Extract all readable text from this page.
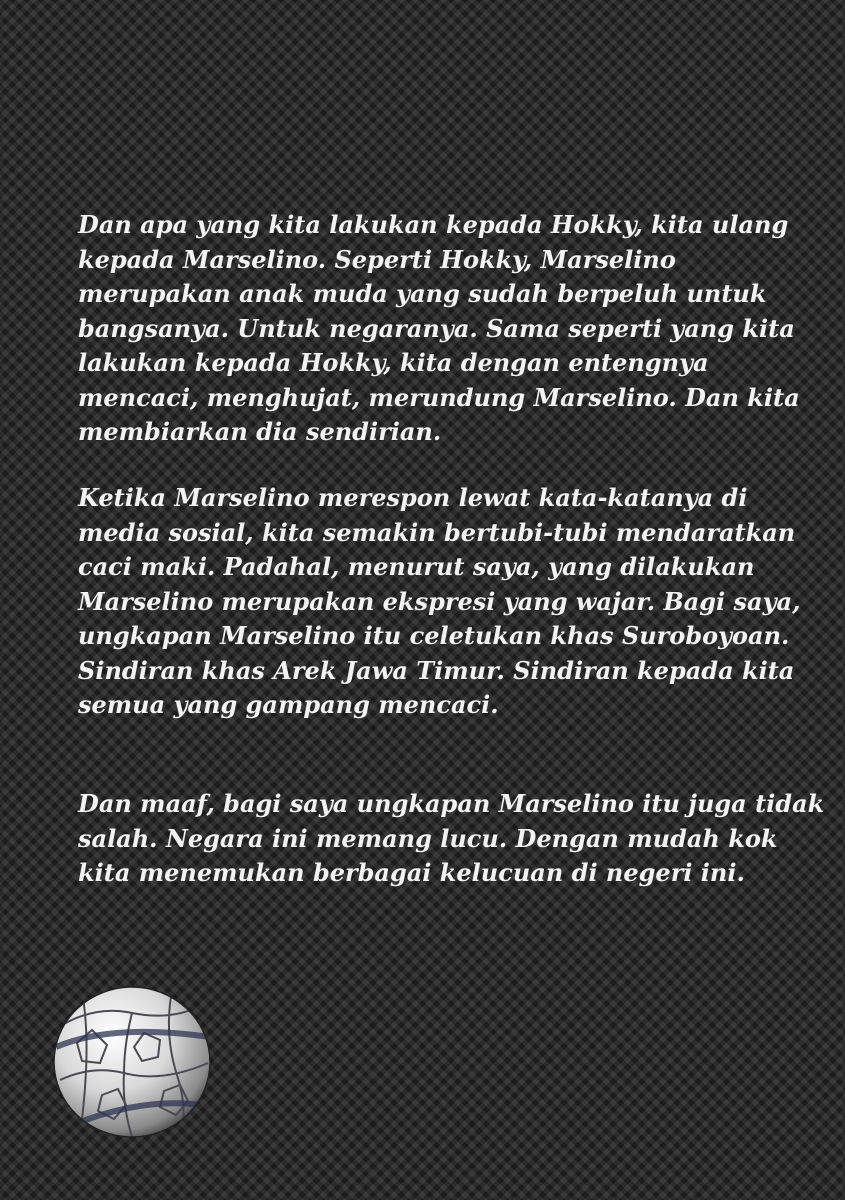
Dan apa yang kita lakukan kepada Hokky, kita ulang
kepada Marselino. Seperti Hokky, Marselino
merupakan anak muda yang sudah berpeluh untuk
bangsanya. Untuk negaranya. Sama seperti yang kita
lakukan kepada Hokky, kita dengan entengnya
mencaci, menghujat, merundung Marselino. Dan kita
membiarkan dia sendirian.
Ketika Marselino merespon lewat kata-katanya di
media sosial, kita semakin bertubi-tubi mendaratkan
caci maki. Padahal, menurut saya, yang dilakukan
Marselino merupakan ekspresi yang wajar. Bagi saya,
ungkapan Marselino itu celetukan khas Suroboyoan.
Sindiran khas Arek Jawa Timur. Sindiran kepada kita
semua yang gampang mencaci.
Dan maaf, bagi saya ungkapan Marselino itu juga tidak
salah. Negara ini memang lucu. Dengan mudah kok
kita menemukan berbagai kelucuan di negeri ini.
